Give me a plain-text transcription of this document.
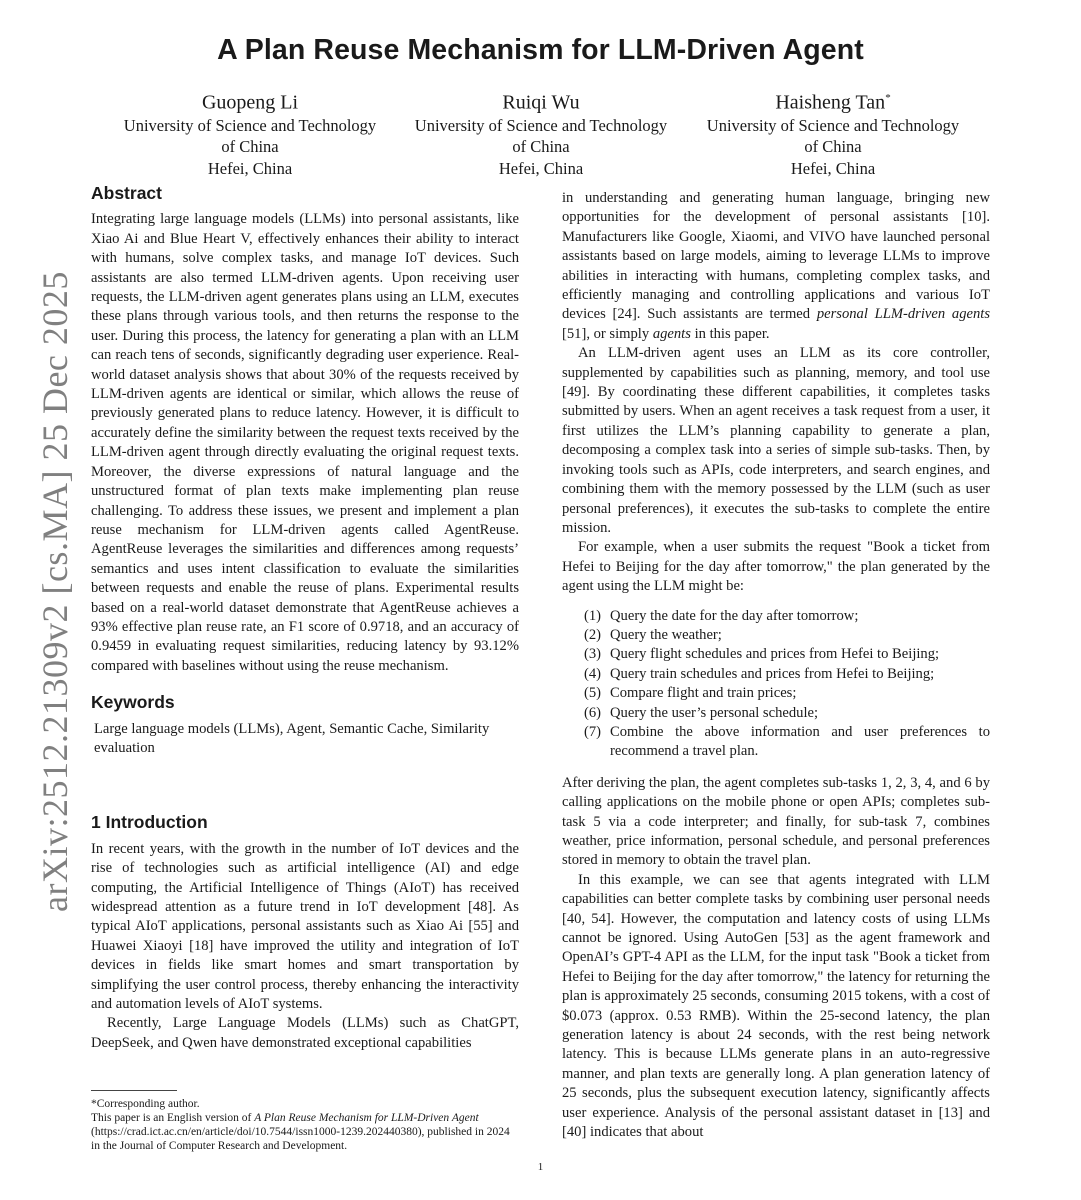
A Plan Reuse Mechanism for LLM-Driven Agent
Guopeng Li
University of Science and Technology
of China
Hefei, China
Ruiqi Wu
University of Science and Technology
of China
Hefei, China
Haisheng Tan*
University of Science and Technology
of China
Hefei, China
arXiv:2512.21309v2 [cs.MA] 25 Dec 2025
Abstract

Integrating large language models (LLMs) into personal assistants, like Xiao Ai and Blue Heart V, effectively enhances their ability to interact with humans, solve complex tasks, and manage IoT devices. Such assistants are also termed LLM-driven agents. Upon receiving user requests, the LLM-driven agent generates plans using an LLM, executes these plans through various tools, and then returns the response to the user. During this process, the latency for generating a plan with an LLM can reach tens of seconds, significantly degrading user experience. Real-world dataset analysis shows that about 30% of the requests received by LLM-driven agents are identical or similar, which allows the reuse of previously generated plans to reduce latency. However, it is difficult to accurately define the similarity between the request texts received by the LLM-driven agent through directly evaluating the original request texts. Moreover, the diverse expressions of natural language and the unstructured format of plan texts make implementing plan reuse challenging. To address these issues, we present and implement a plan reuse mechanism for LLM-driven agents called AgentReuse. AgentReuse leverages the similarities and differences among requests’ semantics and uses intent classification to evaluate the similarities between requests and enable the reuse of plans. Experimental results based on a real-world dataset demonstrate that AgentReuse achieves a 93% effective plan reuse rate, an F1 score of 0.9718, and an accuracy of 0.9459 in evaluating request similarities, reducing latency by 93.12% compared with baselines without using the reuse mechanism.

Keywords

Large language models (LLMs), Agent, Semantic Cache, Similarity evaluation

1 Introduction

In recent years, with the growth in the number of IoT devices and the rise of technologies such as artificial intelligence (AI) and edge computing, the Artificial Intelligence of Things (AIoT) has received widespread attention as a future trend in IoT development [48]. As typical AIoT applications, personal assistants such as Xiao Ai [55] and Huawei Xiaoyi [18] have improved the utility and integration of IoT devices in fields like smart homes and smart transportation by simplifying the user control process, thereby enhancing the interactivity and automation levels of AIoT systems.

Recently, Large Language Models (LLMs) such as ChatGPT, DeepSeek, and Qwen have demonstrated exceptional capabilities

in understanding and generating human language, bringing new opportunities for the development of personal assistants [10]. Manufacturers like Google, Xiaomi, and VIVO have launched personal assistants based on large models, aiming to leverage LLMs to improve abilities in interacting with humans, completing complex tasks, and efficiently managing and controlling applications and various IoT devices [24]. Such assistants are termed personal LLM-driven agents [51], or simply agents in this paper.

An LLM-driven agent uses an LLM as its core controller, supplemented by capabilities such as planning, memory, and tool use [49]. By coordinating these different capabilities, it completes tasks submitted by users. When an agent receives a task request from a user, it first utilizes the LLM’s planning capability to generate a plan, decomposing a complex task into a series of simple sub-tasks. Then, by invoking tools such as APIs, code interpreters, and search engines, and combining them with the memory possessed by the LLM (such as user personal preferences), it executes the sub-tasks to complete the entire mission.

For example, when a user submits the request "Book a ticket from Hefei to Beijing for the day after tomorrow," the plan generated by the agent using the LLM might be:

(1) Query the date for the day after tomorrow;
(2) Query the weather;
(3) Query flight schedules and prices from Hefei to Beijing;
(4) Query train schedules and prices from Hefei to Beijing;
(5) Compare flight and train prices;
(6) Query the user’s personal schedule;
(7) Combine the above information and user preferences to recommend a travel plan.

After deriving the plan, the agent completes sub-tasks 1, 2, 3, 4, and 6 by calling applications on the mobile phone or open APIs; completes sub-task 5 via a code interpreter; and finally, for sub-task 7, combines weather, price information, personal schedule, and personal preferences stored in memory to obtain the travel plan.

In this example, we can see that agents integrated with LLM capabilities can better complete tasks by combining user personal needs [40, 54]. However, the computation and latency costs of using LLMs cannot be ignored. Using AutoGen [53] as the agent framework and OpenAI’s GPT-4 API as the LLM, for the input task "Book a ticket from Hefei to Beijing for the day after tomorrow," the latency for returning the plan is approximately 25 seconds, consuming 2015 tokens, with a cost of $0.073 (approx. 0.53 RMB). Within the 25-second latency, the plan generation latency is about 24 seconds, with the rest being network latency. This is because LLMs generate plans in an auto-regressive manner, and plan texts are generally long. A plan generation latency of 25 seconds, plus the subsequent execution latency, significantly affects user experience. Analysis of the personal assistant dataset in [13] and [40] indicates that about

*Corresponding author.
This paper is an English version of A Plan Reuse Mechanism for LLM-Driven Agent (https://crad.ict.ac.cn/en/article/doi/10.7544/issn1000-1239.202440380), published in 2024 in the Journal of Computer Research and Development.
1
